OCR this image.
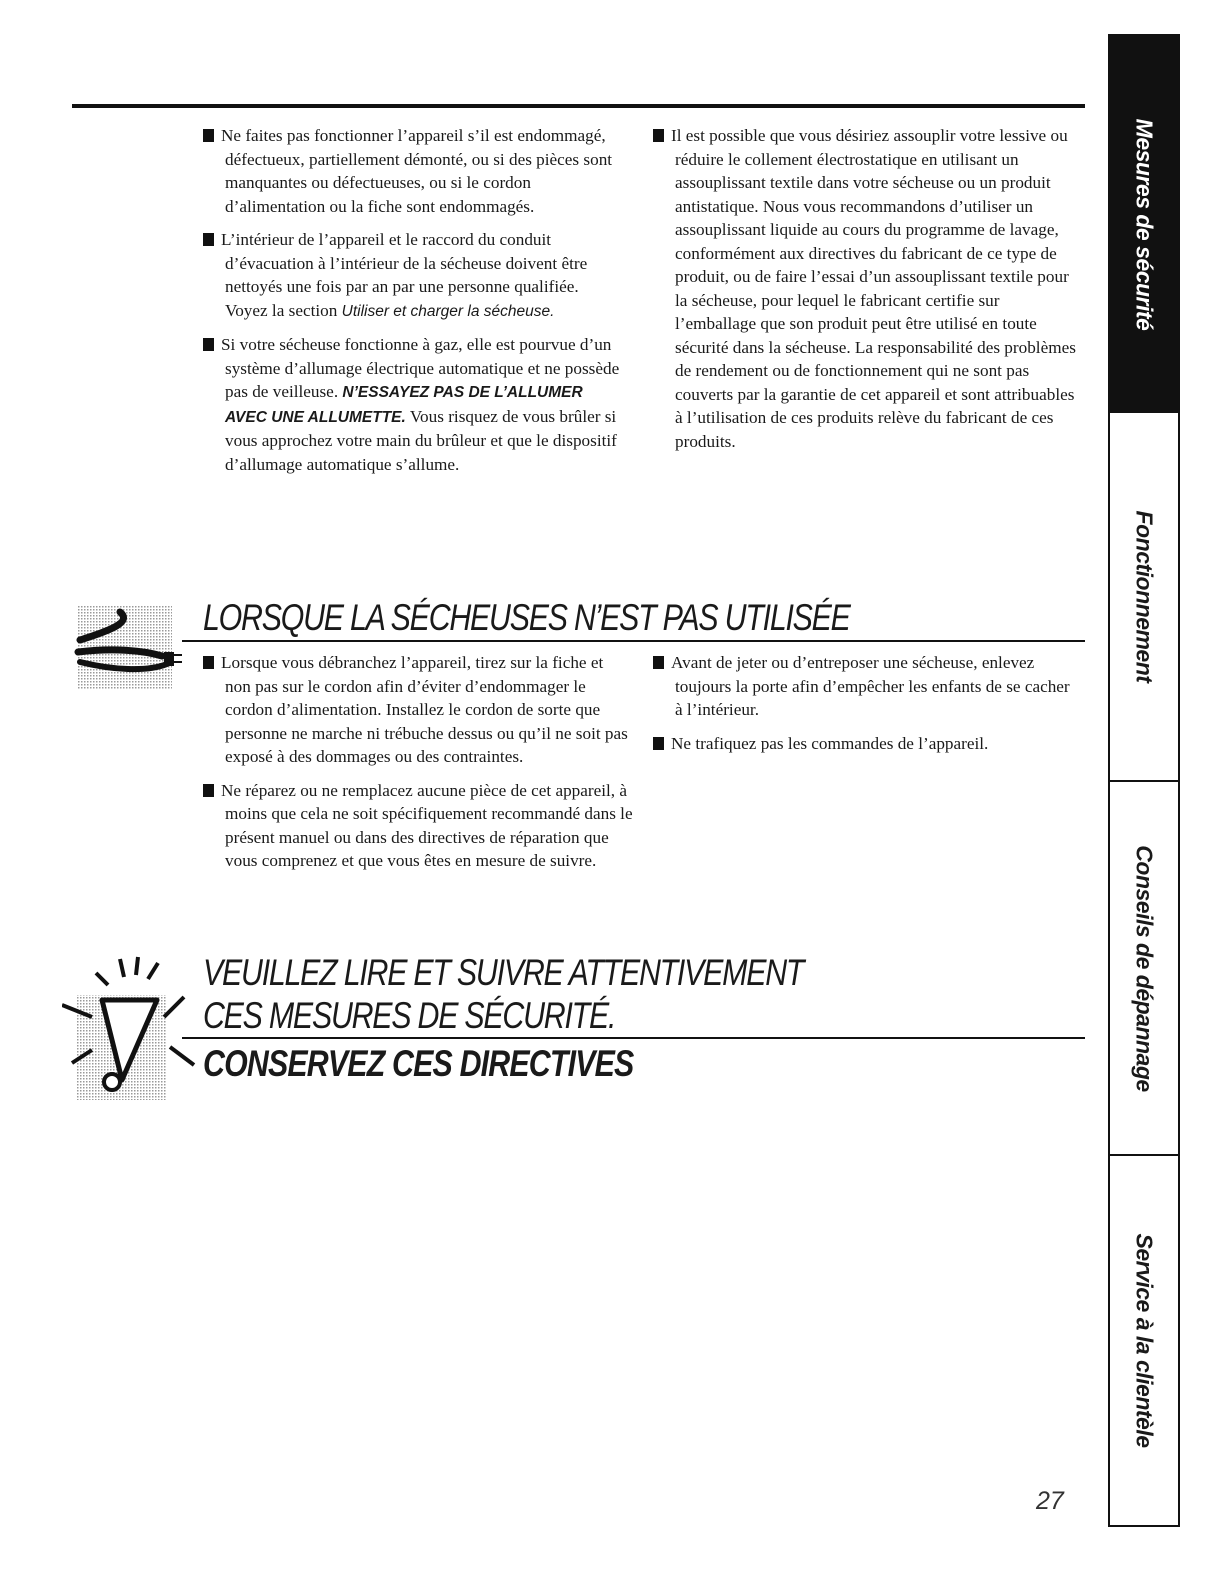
Ne faites pas fonctionner l’appareil s’il est endommagé, défectueux, partiellement démonté, ou si des pièces sont manquantes ou défectueuses, ou si le cordon d’alimentation ou la fiche sont endommagés.

L’intérieur de l’appareil et le raccord du conduit d’évacuation à l’intérieur de la sécheuse doivent être nettoyés une fois par an par une personne qualifiée. Voyez la section Utiliser et charger la sécheuse.

Si votre sécheuse fonctionne à gaz, elle est pourvue d’un système d’allumage électrique automatique et ne possède pas de veilleuse. N’ESSAYEZ PAS DE L’ALLUMER AVEC UNE ALLUMETTE. Vous risquez de vous brûler si vous approchez votre main du brûleur et que le dispositif d’allumage automatique s’allume.

Il est possible que vous désiriez assouplir votre lessive ou réduire le collement électrostatique en utilisant un assouplissant textile dans votre sécheuse ou un produit antistatique. Nous vous recommandons d’utiliser un assouplissant liquide au cours du programme de lavage, conformément aux directives du fabricant de ce type de produit, ou de faire l’essai d’un assouplissant textile pour la sécheuse, pour lequel le fabricant certifie sur l’emballage que son produit peut être utilisé en toute sécurité dans la sécheuse. La responsabilité des problèmes de rendement ou de fonctionnement qui ne sont pas couverts par la garantie de cet appareil et sont attribuables à l’utilisation de ces produits relève du fabricant de ces produits.

LORSQUE LA SÉCHEUSES N’EST PAS UTILISÉE

Lorsque vous débranchez l’appareil, tirez sur la fiche et non pas sur le cordon afin d’éviter d’endommager le cordon d’alimentation. Installez le cordon de sorte que personne ne marche ni trébuche dessus ou qu’il ne soit pas exposé à des dommages ou des contraintes.

Ne réparez ou ne remplacez aucune pièce de cet appareil, à moins que cela ne soit spécifiquement recommandé dans le présent manuel ou dans des directives de réparation que vous comprenez et que vous êtes en mesure de suivre.

Avant de jeter ou d’entreposer une sécheuse, enlevez toujours la porte afin d’empêcher les enfants de se cacher à l’intérieur.

Ne trafiquez pas les commandes de l’appareil.

VEUILLEZ LIRE ET SUIVRE ATTENTIVEMENT
CES MESURES DE SÉCURITÉ.
CONSERVEZ CES DIRECTIVES
Mesures de sécurité
Fonctionnement
Conseils de dépannage
Service à la clientèle
27
